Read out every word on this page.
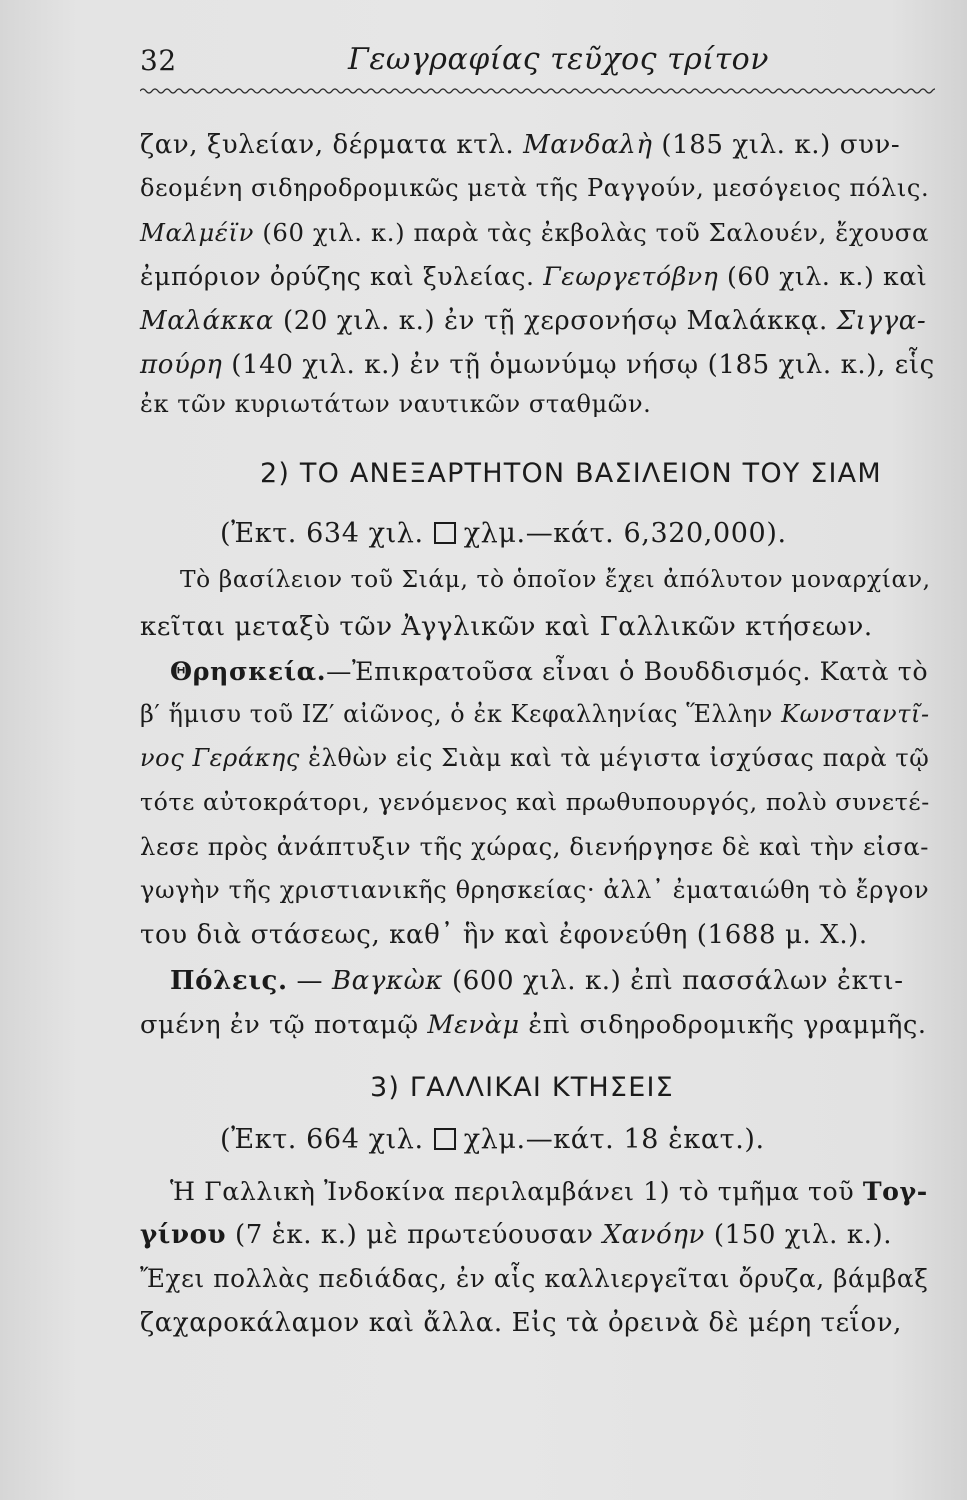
32	Γεωγραφίας τεῦχος τρίτον
ζαν, ξυλείαν, δέρματα κτλ. Μανδαλὴ (185 χιλ. κ.) συν-
δεομένη σιδηροδρομικῶς μετὰ τῆς Ραγγούν, μεσόγειος πόλις.
Μαλμέϊν (60 χιλ. κ.) παρὰ τὰς ἐκβολὰς τοῦ Σαλουέν, ἔχουσα
ἐμπόριον ὀρύζης καὶ ξυλείας. Γεωργετόβνη (60 χιλ. κ.) καὶ
Μαλάκκα (20 χιλ. κ.) ἐν τῇ χερσονήσῳ Μαλάκκᾳ. Σιγγα-
πούρη (140 χιλ. κ.) ἐν τῇ ὁμωνύμῳ νήσῳ (185 χιλ. κ.), εἷς
ἐκ τῶν κυριωτάτων ναυτικῶν σταθμῶν.
2) ΤΟ ΑΝΕΞΑΡΤΗΤΟΝ ΒΑΣΙΛΕΙΟΝ ΤΟΥ ΣΙΑΜ
(Ἐκτ. 634 χιλ. χλμ.—κάτ. 6,320,000).
Τὸ βασίλειον τοῦ Σιάμ, τὸ ὁποῖον ἔχει ἀπόλυτον μοναρχίαν,
κεῖται μεταξὺ τῶν Ἀγγλικῶν καὶ Γαλλικῶν κτήσεων.
Θρησκεία.—Ἐπικρατοῦσα εἶναι ὁ Βουδδισμός. Κατὰ τὸ
β′ ἥμισυ τοῦ ΙΖ′ αἰῶνος, ὁ ἐκ Κεφαλληνίας Ἕλλην Κωνσταντῖ-
νος Γεράκης ἐλθὼν εἰς Σιὰμ καὶ τὰ μέγιστα ἰσχύσας παρὰ τῷ
τότε αὐτοκράτορι, γενόμενος καὶ πρωθυπουργός, πολὺ συνετέ-
λεσε πρὸς ἀνάπτυξιν τῆς χώρας, διενήργησε δὲ καὶ τὴν εἰσα-
γωγὴν τῆς χριστιανικῆς θρησκείας· ἀλλ᾽ ἐματαιώθη τὸ ἔργον
του διὰ στάσεως, καθ᾽ ἣν καὶ ἐφονεύθη (1688 μ. Χ.).
Πόλεις. — Βαγκὼκ (600 χιλ. κ.) ἐπὶ πασσάλων ἐκτι-
σμένη ἐν τῷ ποταμῷ Μενὰμ ἐπὶ σιδηροδρομικῆς γραμμῆς.
3) ΓΑΛΛΙΚΑΙ ΚΤΗΣΕΙΣ
(Ἐκτ. 664 χιλ. χλμ.—κάτ. 18 ἑκατ.).
Ἡ Γαλλικὴ Ἰνδοκίνα περιλαμβάνει 1) τὸ τμῆμα τοῦ Τογ-
γίνου (7 ἑκ. κ.) μὲ πρωτεύουσαν Χανόην (150 χιλ. κ.).
Ἔχει πολλὰς πεδιάδας, ἐν αἷς καλλιεργεῖται ὄρυζα, βάμβαξ
ζαχαροκάλαμον καὶ ἄλλα. Εἰς τὰ ὀρεινὰ δὲ μέρη τεΐον,
